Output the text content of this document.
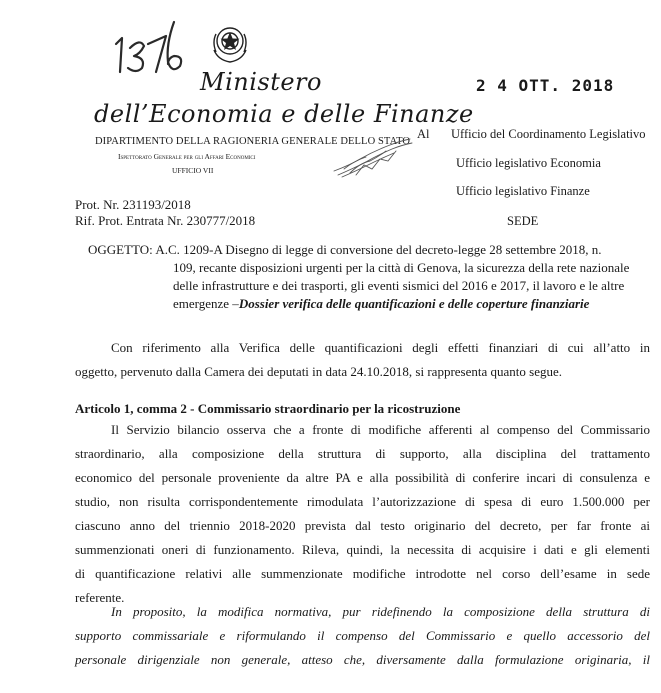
Ministero
dell’Economia e delle Finanze
DIPARTIMENTO DELLA RAGIONERIA GENERALE DELLO STATO
Ispettorato Generale per gli Affari Economici
UFFICIO VII
2 4 OTT. 2018
Al Ufficio del Coordinamento Legislativo
Ufficio legislativo Economia
Ufficio legislativo Finanze
SEDE
Prot. Nr. 231193/2018
Rif. Prot. Entrata Nr. 230777/2018
OGGETTO: A.C. 1209-A Disegno di legge di conversione del decreto-legge 28 settembre 2018, n.
109, recante disposizioni urgenti per la città di Genova, la sicurezza della rete nazionale
delle infrastrutture e dei trasporti, gli eventi sismici del 2016 e 2017, il lavoro e le altre
emergenze –Dossier verifica delle quantificazioni e delle coperture finanziarie
Con riferimento alla Verifica delle quantificazioni degli effetti finanziari di cui all’atto in
oggetto, pervenuto dalla Camera dei deputati in data 24.10.2018, si rappresenta quanto segue.
Articolo 1, comma 2 - Commissario straordinario per la ricostruzione
Il Servizio bilancio osserva che a fronte di modifiche afferenti al compenso del Commissario
straordinario, alla composizione della struttura di supporto, alla disciplina del trattamento
economico del personale proveniente da altre PA e alla possibilità di conferire incari di consulenza e
studio, non risulta corrispondentemente rimodulata l’autorizzazione di spesa di euro 1.500.000 per
ciascuno anno del triennio 2018-2020 prevista dal testo originario del decreto, per far fronte ai
summenzionati oneri di funzionamento. Rileva, quindi, la necessita di acquisire i dati e gli elementi
di quantificazione relativi alle summenzionate modifiche introdotte nel corso dell’esame in sede
referente.
In proposito, la modifica normativa, pur ridefinendo la composizione della struttura di
supporto commissariale e riformulando il compenso del Commissario e quello accessorio del
personale dirigenziale non generale, atteso che, diversamente dalla formulazione originaria, il
